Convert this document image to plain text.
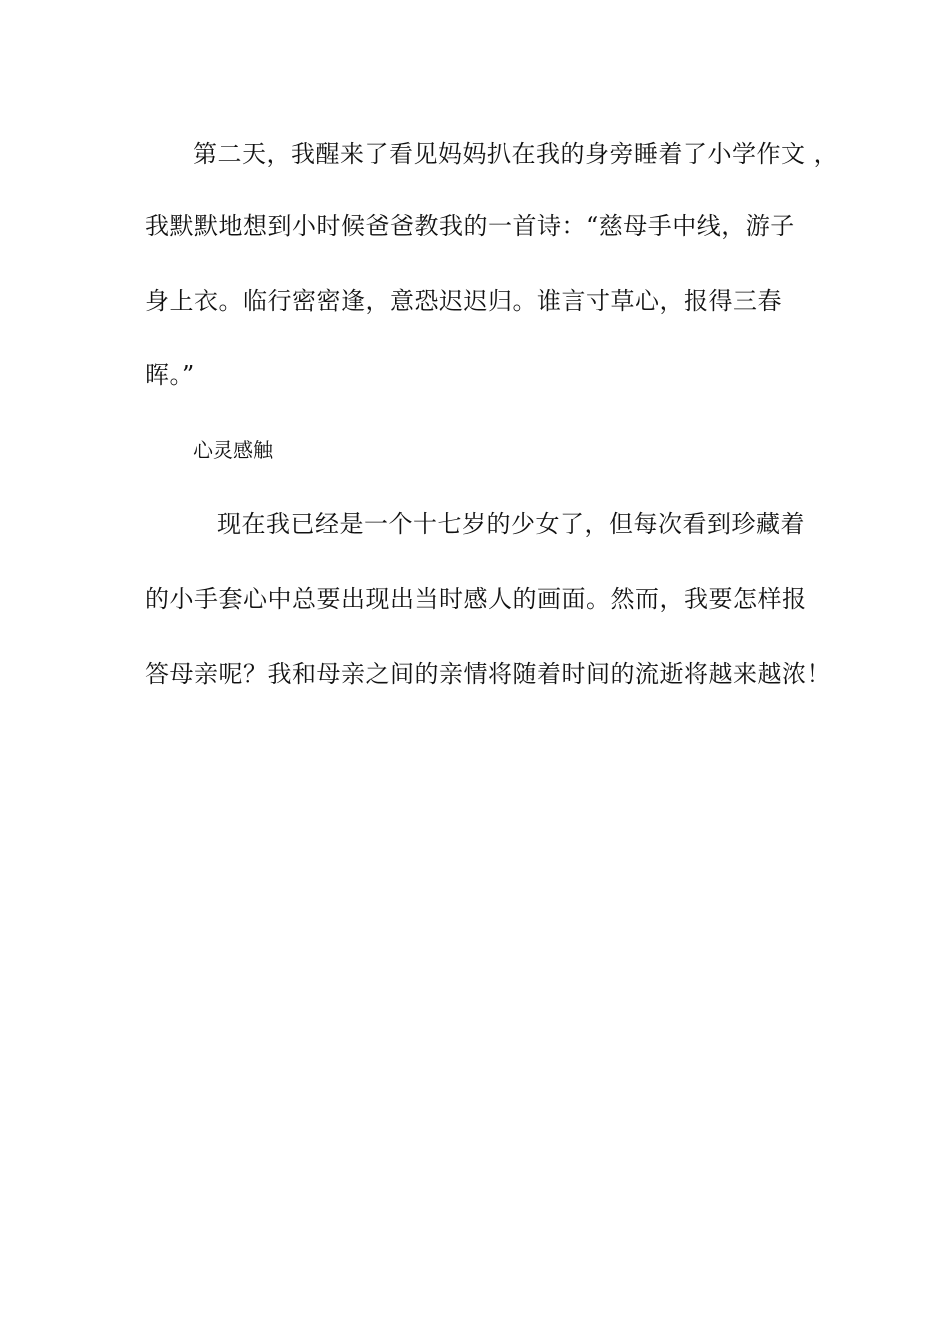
第二天，我醒来了看见妈妈扒在我的身旁睡着了小学作文 ，

我默默地想到小时候爸爸教我的一首诗：“慈母手中线，游子

身上衣。临行密密逢，意恐迟迟归。谁言寸草心，报得三春

晖。”

心灵感触

现在我已经是一个十七岁的少女了，但每次看到珍藏着

的小手套心中总要出现出当时感人的画面。然而，我要怎样报

答母亲呢？我和母亲之间的亲情将随着时间的流逝将越来越浓！
